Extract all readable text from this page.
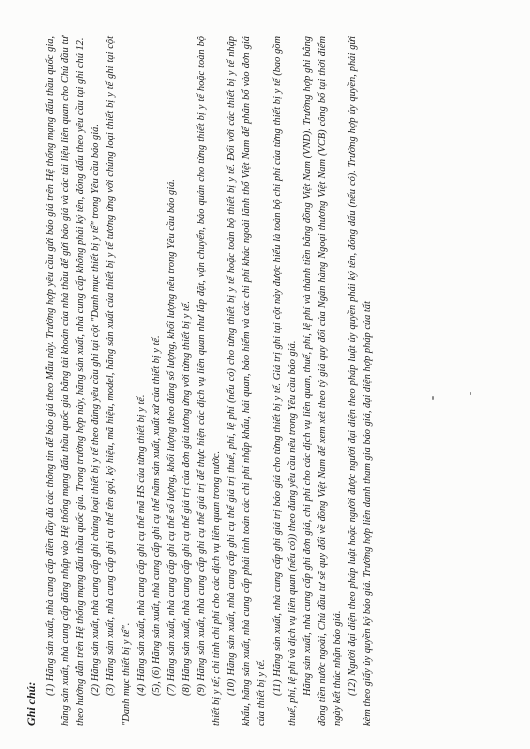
Ghi chú:

(1) Hãng sản xuất, nhà cung cấp điền đầy đủ các thông tin để báo giá theo Mẫu này. Trường hợp yêu cầu gửi báo giá trên Hệ thống mạng đấu thầu quốc gia, hãng sản xuất, nhà cung cấp đăng nhập vào Hệ thống mạng đấu thầu quốc gia bằng tài khoản của nhà thầu để gửi báo giá và các tài liệu liên quan cho Chủ đầu tư theo hướng dẫn trên Hệ thống mạng đấu thầu quốc gia. Trong trường hợp này, hãng sản xuất, nhà cung cấp không phải ký tên, đóng dấu theo yêu cầu tại ghi chú 12. (2) Hãng sản xuất, nhà cung cấp ghi chủng loại thiết bị y tế theo đúng yêu cầu ghi tại cột "Danh mục thiết bị y tế" trong Yêu cầu báo giá. (3) Hãng sản xuất, nhà cung cấp ghi cụ thể tên gọi, ký hiệu, mã hiệu, model, hãng sản xuất của thiết bị y tế tương ứng với chủng loại thiết bị y tế ghi tại cột "Danh mục thiết bị y tế". (4) Hãng sản xuất, nhà cung cấp ghi cụ thể mã HS của từng thiết bị y tế. (5), (6) Hãng sản xuất, nhà cung cấp ghi cụ thể năm sản xuất, xuất xứ của thiết bị y tế. (7) Hãng sản xuất, nhà cung cấp ghi cụ thể số lượng, khối lượng theo đúng số lượng, khối lượng nêu trong Yêu cầu báo giá. (8) Hãng sản xuất, nhà cung cấp ghi cụ thể giá trị của đơn giá tương ứng với từng thiết bị y tế. (9) Hãng sản xuất, nhà cung cấp ghi cụ thể giá trị để thực hiện các dịch vụ liên quan như lắp đặt, vận chuyển, bảo quản cho từng thiết bị y tế hoặc toàn bộ thiết bị y tế; chi tính chi phí cho các dịch vụ liên quan trong nước. (10) Hãng sản xuất, nhà cung cấp ghi cụ thể giá trị thuế, phí, lệ phí (nếu có) cho từng thiết bị y tế hoặc toàn bộ thiết bị y tế. Đối với các thiết bị y tế nhập khẩu, hãng sản xuất, nhà cung cấp phải tính toán các chi phí nhập khẩu, hải quan, bảo hiểm và các chi phí khác ngoài lãnh thổ Việt Nam để phân bổ vào đơn giá của thiết bị y tế. (11) Hãng sản xuất, nhà cung cấp ghi giá trị báo giá cho từng thiết bị y tế. Giá trị ghi tại cột này được hiểu là toàn bộ chi phí của từng thiết bị y tế (bao gồm thuế, phí, lệ phí và dịch vụ liên quan (nếu có)) theo đúng yêu cầu nêu trong Yêu cầu báo giá. Hãng sản xuất, nhà cung cấp ghi đơn giá, chi phí cho các dịch vụ liên quan, thuế, phí, lệ phí và thành tiền bằng đồng Việt Nam (VND). Trường hợp ghi bằng đồng tiền nước ngoài, Chủ đầu tư sẽ quy đổi về đồng Việt Nam để xem xét theo tỷ giá quy đổi của Ngân hàng Ngoại thương Việt Nam (VCB) công bố tại thời điểm ngày kết thúc nhận báo giá. (12) Người đại diện theo pháp luật hoặc người được người đại diện theo pháp luật ủy quyền phải ký tên, đóng dấu (nếu có). Trường hợp ủy quyền, phải gửi kèm theo giấy ủy quyền ký báo giá. Trường hợp liên danh tham gia báo giá, đại diện hợp pháp của tất
